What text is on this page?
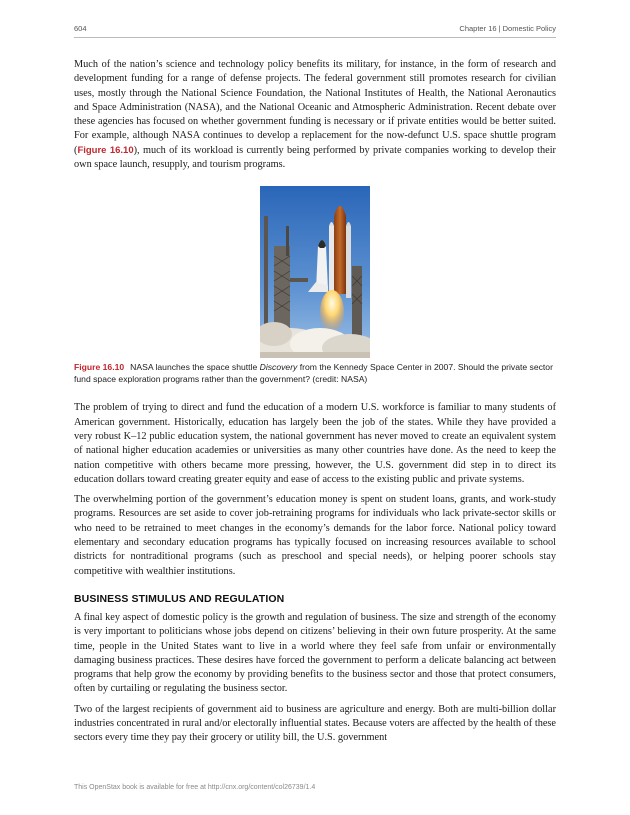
604	Chapter 16 | Domestic Policy

Much of the nation’s science and technology policy benefits its military, for instance, in the form of research and development funding for a range of defense projects. The federal government still promotes research for civilian uses, mostly through the National Science Foundation, the National Institutes of Health, the National Aeronautics and Space Administration (NASA), and the National Oceanic and Atmospheric Administration. Recent debate over these agencies has focused on whether government funding is necessary or if private entities would be better suited. For example, although NASA continues to develop a replacement for the now-defunct U.S. space shuttle program (Figure 16.10), much of its workload is currently being performed by private companies working to develop their own space launch, resupply, and tourism programs.

Figure 16.10 NASA launches the space shuttle Discovery from the Kennedy Space Center in 2007. Should the private sector fund space exploration programs rather than the government? (credit: NASA)

The problem of trying to direct and fund the education of a modern U.S. workforce is familiar to many students of American government. Historically, education has largely been the job of the states. While they have provided a very robust K–12 public education system, the national government has never moved to create an equivalent system of national higher education academies or universities as many other countries have done. As the need to keep the nation competitive with others became more pressing, however, the U.S. government did step in to direct its education dollars toward creating greater equity and ease of access to the existing public and private systems.

The overwhelming portion of the government’s education money is spent on student loans, grants, and work-study programs. Resources are set aside to cover job-retraining programs for individuals who lack private-sector skills or who need to be retrained to meet changes in the economy’s demands for the labor force. National policy toward elementary and secondary education programs has typically focused on increasing resources available to school districts for nontraditional programs (such as preschool and special needs), or helping poorer schools stay competitive with wealthier institutions.

BUSINESS STIMULUS AND REGULATION

A final key aspect of domestic policy is the growth and regulation of business. The size and strength of the economy is very important to politicians whose jobs depend on citizens’ believing in their own future prosperity. At the same time, people in the United States want to live in a world where they feel safe from unfair or environmentally damaging business practices. These desires have forced the government to perform a delicate balancing act between programs that help grow the economy by providing benefits to the business sector and those that protect consumers, often by curtailing or regulating the business sector.

Two of the largest recipients of government aid to business are agriculture and energy. Both are multi-billion dollar industries concentrated in rural and/or electorally influential states. Because voters are affected by the health of these sectors every time they pay their grocery or utility bill, the U.S. government

This OpenStax book is available for free at http://cnx.org/content/col26739/1.4
